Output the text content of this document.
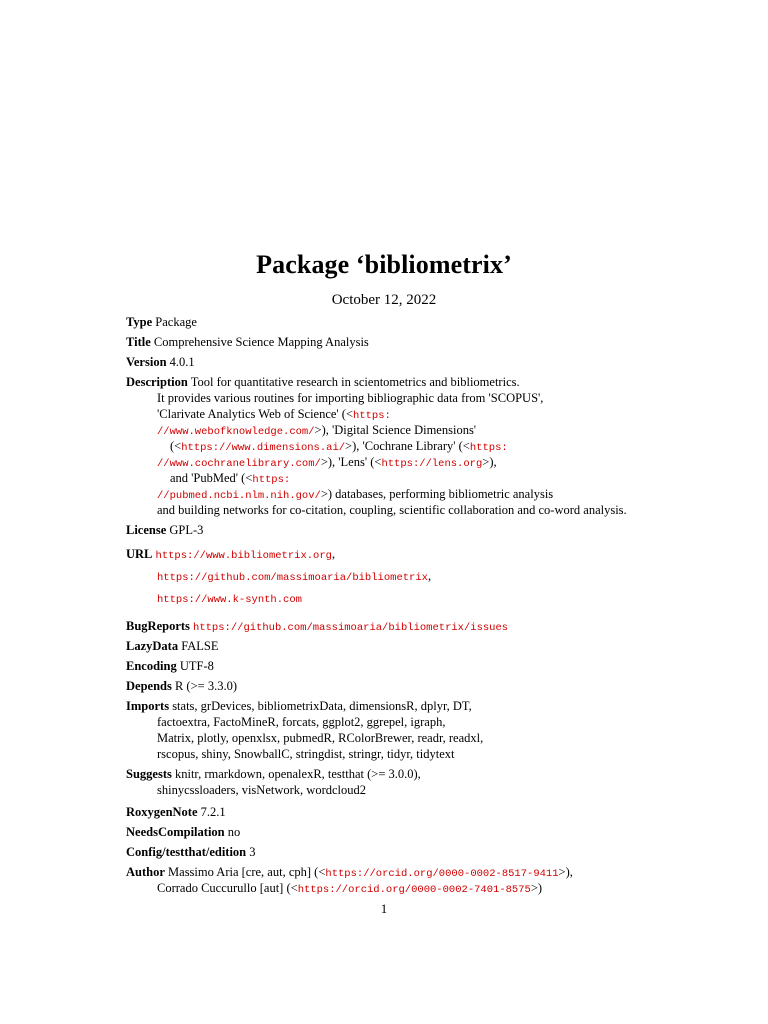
Package ‘bibliometrix’
October 12, 2022
Type Package
Title Comprehensive Science Mapping Analysis
Version 4.0.1
Description Tool for quantitative research in scientometrics and bibliometrics.
It provides various routines for importing bibliographic data from 'SCOPUS',
'Clarivate Analytics Web of Science' (<https:
//www.webofknowledge.com/>), 'Digital Science Dimensions'
(<https://www.dimensions.ai/>), 'Cochrane Library' (<https:
//www.cochranelibrary.com/>), 'Lens' (<https://lens.org>),
and 'PubMed' (<https:
//pubmed.ncbi.nlm.nih.gov/>) databases, performing bibliometric analysis
and building networks for co-citation, coupling, scientific collaboration and co-word analysis.
License GPL-3
URL https://www.bibliometrix.org,
https://github.com/massimoaria/bibliometrix,
https://www.k-synth.com
BugReports https://github.com/massimoaria/bibliometrix/issues
LazyData FALSE
Encoding UTF-8
Depends R (>= 3.3.0)
Imports stats, grDevices, bibliometrixData, dimensionsR, dplyr, DT,
factoextra, FactoMineR, forcats, ggplot2, ggrepel, igraph,
Matrix, plotly, openxlsx, pubmedR, RColorBrewer, readr, readxl,
rscopus, shiny, SnowballC, stringdist, stringr, tidyr, tidytext
Suggests knitr, rmarkdown, openalexR, testthat (>= 3.0.0),
shinycssloaders, visNetwork, wordcloud2
RoxygenNote 7.2.1
NeedsCompilation no
Config/testthat/edition 3
Author Massimo Aria [cre, aut, cph] (<https://orcid.org/0000-0002-8517-9411>),
Corrado Cuccurullo [aut] (<https://orcid.org/0000-0002-7401-8575>)
1
